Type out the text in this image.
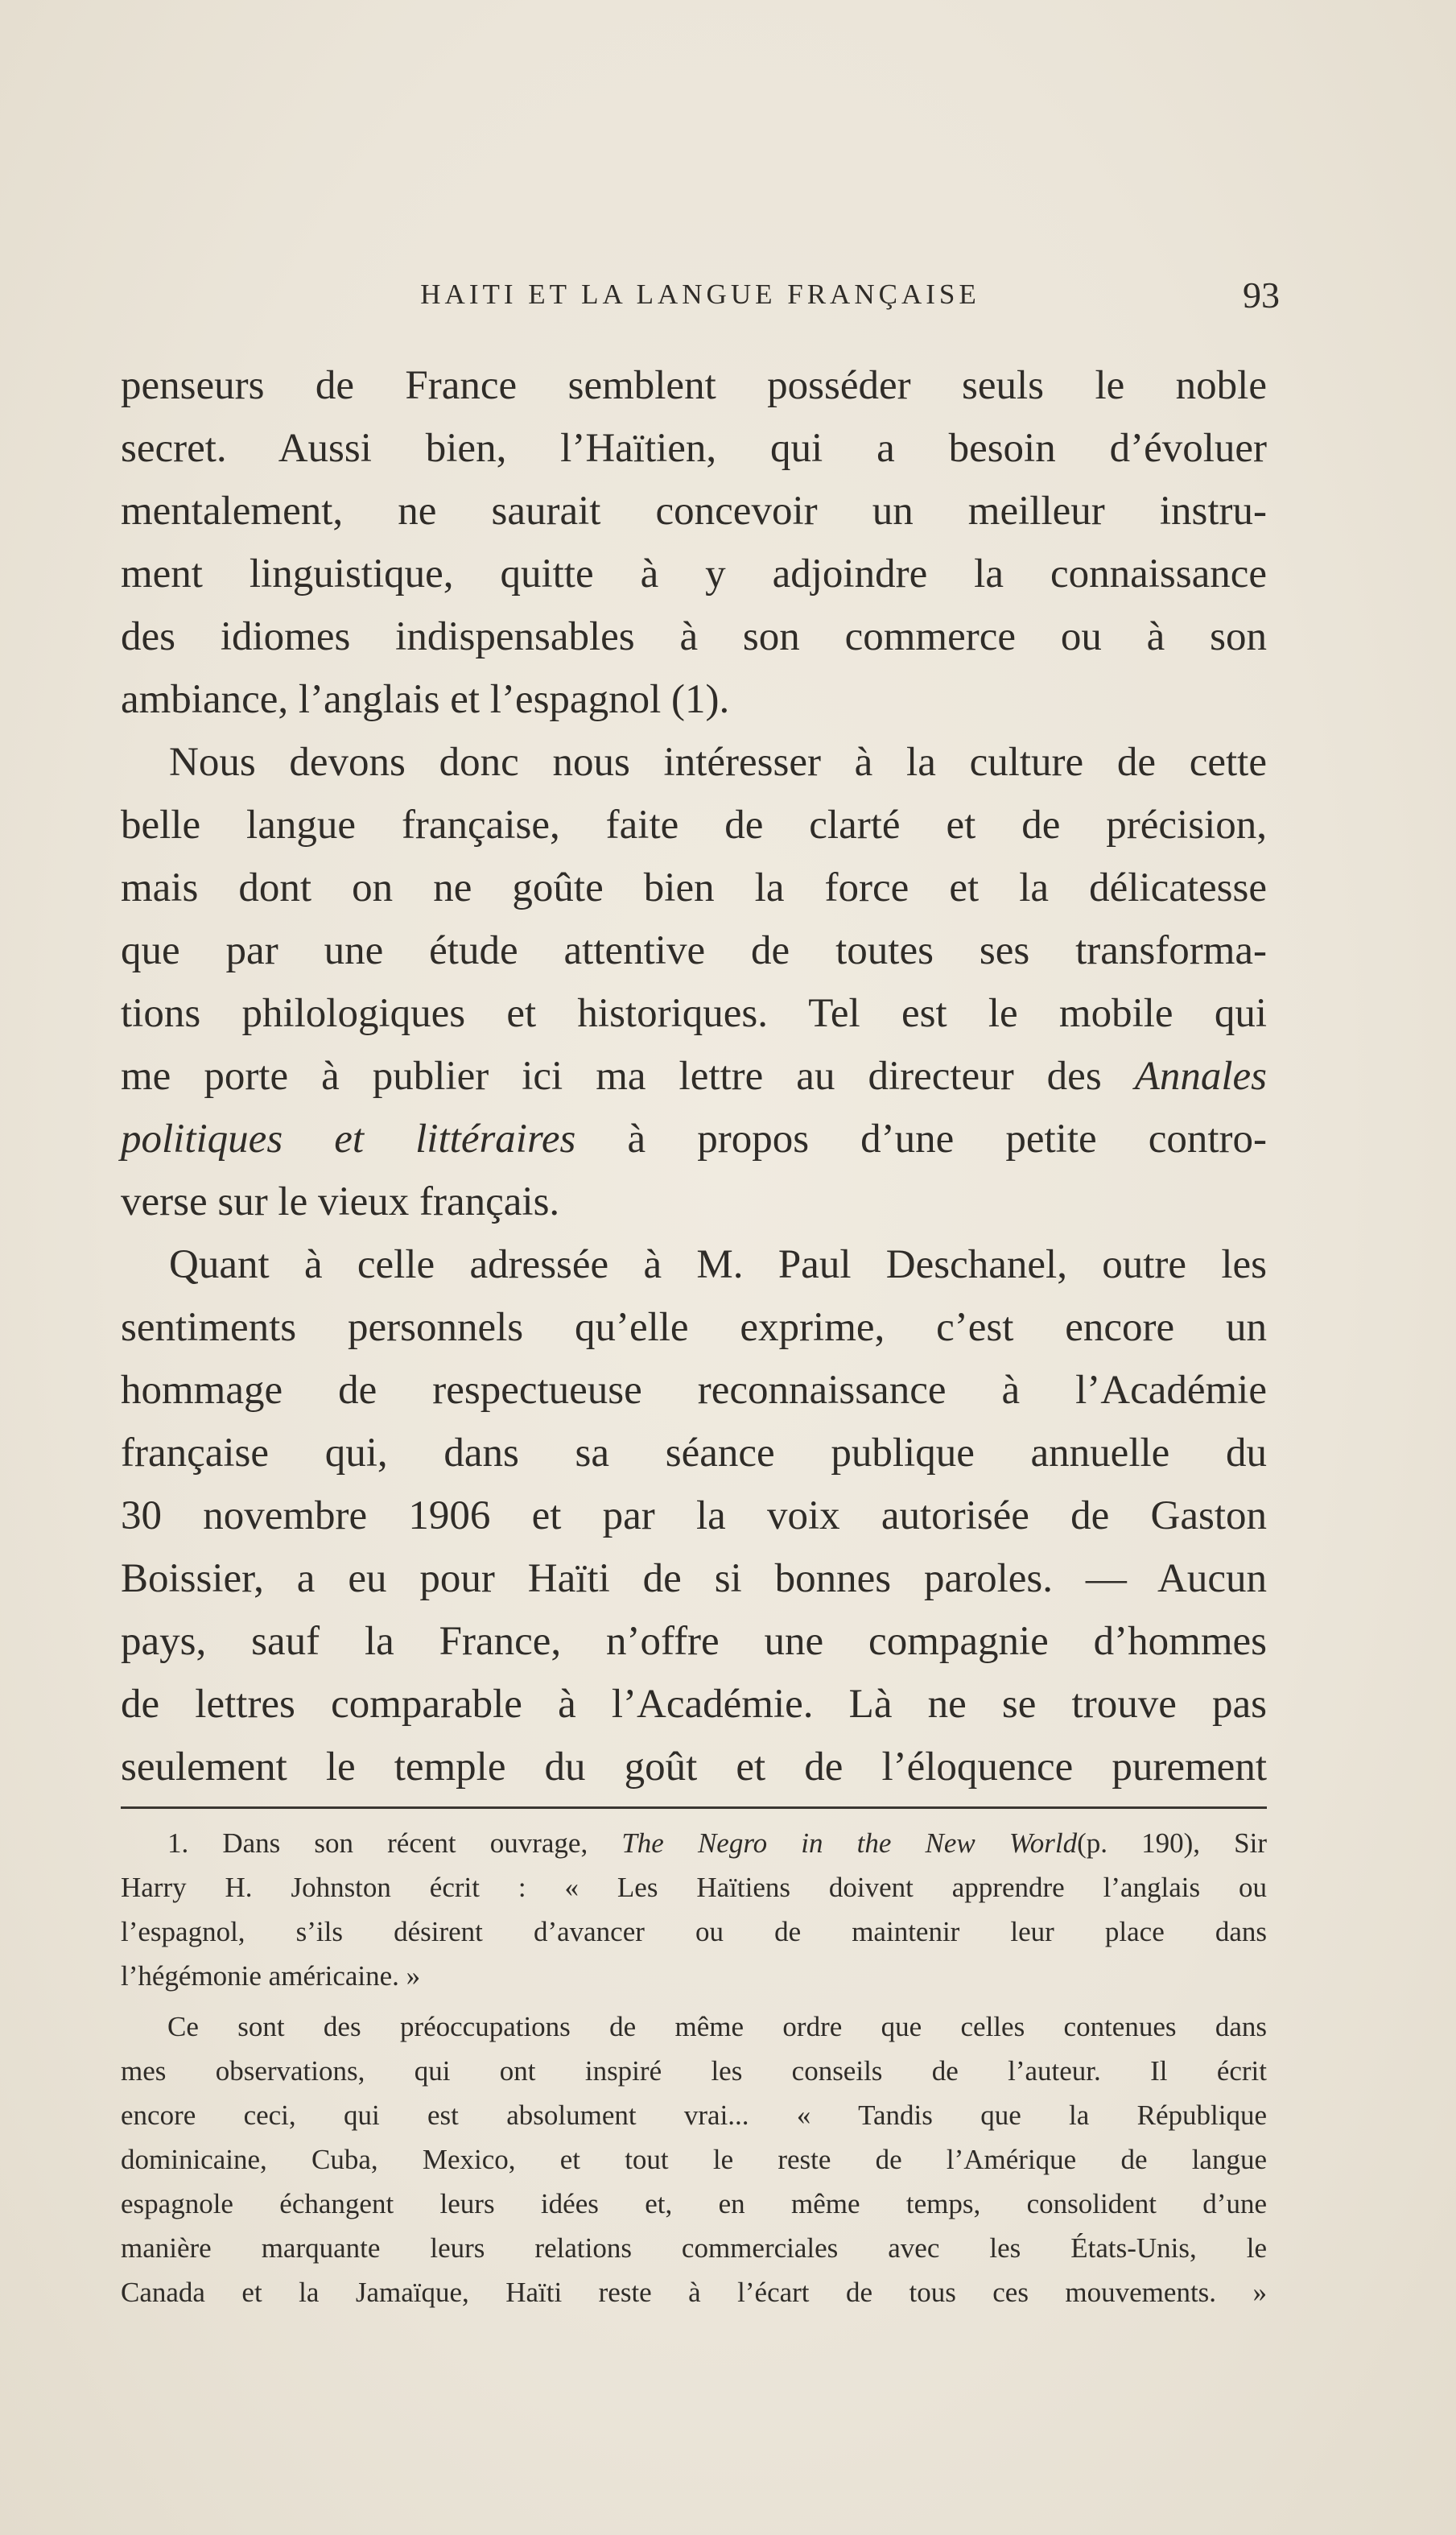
HAITI ET LA LANGUE FRANÇAISE	93
penseurs de France semblent posséder seuls le noble
secret. Aussi bien, l’Haïtien, qui a besoin d’évoluer
mentalement, ne saurait concevoir un meilleur instru-
ment linguistique, quitte à y adjoindre la connaissance
des idiomes indispensables à son commerce ou à son
ambiance, l’anglais et l’espagnol (1).
Nous devons donc nous intéresser à la culture de cette
belle langue française, faite de clarté et de précision,
mais dont on ne goûte bien la force et la délicatesse
que par une étude attentive de toutes ses transforma-
tions philologiques et historiques. Tel est le mobile qui
me porte à publier ici ma lettre au directeur des Annales
politiques et littéraires à propos d’une petite contro-
verse sur le vieux français.
Quant à celle adressée à M. Paul Deschanel, outre les
sentiments personnels qu’elle exprime, c’est encore un
hommage de respectueuse reconnaissance à l’Académie
française qui, dans sa séance publique annuelle du
30 novembre 1906 et par la voix autorisée de Gaston
Boissier, a eu pour Haïti de si bonnes paroles. — Aucun
pays, sauf la France, n’offre une compagnie d’hommes
de lettres comparable à l’Académie. Là ne se trouve pas
seulement le temple du goût et de l’éloquence purement
1. Dans son récent ouvrage, The Negro in the New World(p. 190), Sir
Harry H. Johnston écrit : « Les Haïtiens doivent apprendre l’anglais ou
l’espagnol, s’ils désirent d’avancer ou de maintenir leur place dans
l’hégémonie américaine. »
Ce sont des préoccupations de même ordre que celles contenues dans
mes observations, qui ont inspiré les conseils de l’auteur. Il écrit
encore ceci, qui est absolument vrai... « Tandis que la République
dominicaine, Cuba, Mexico, et tout le reste de l’Amérique de langue
espagnole échangent leurs idées et, en même temps, consolident d’une
manière marquante leurs relations commerciales avec les États-Unis, le
Canada et la Jamaïque, Haïti reste à l’écart de tous ces mouvements. »
